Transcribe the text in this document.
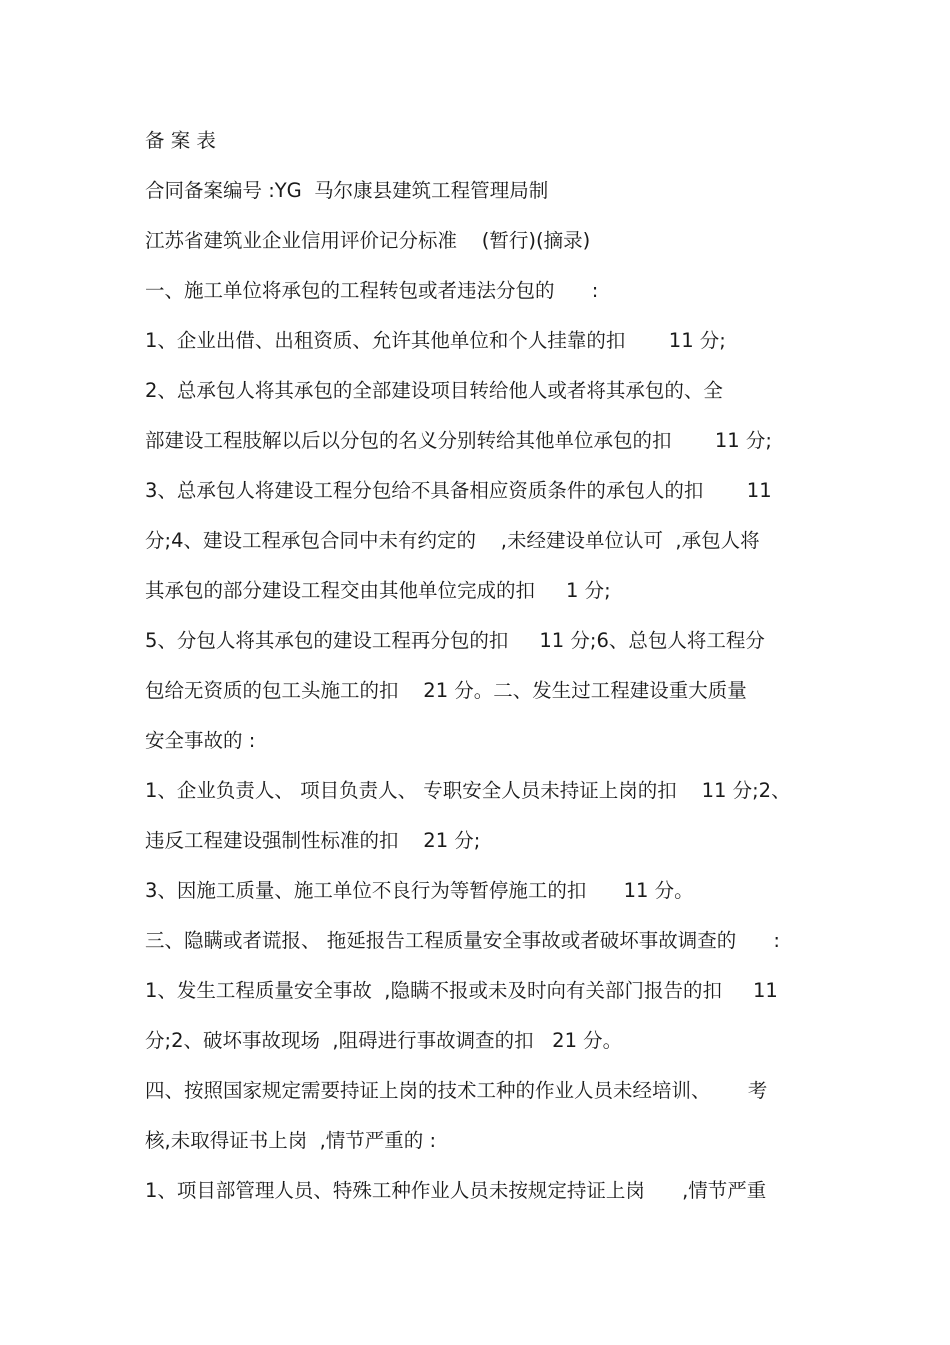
备 案 表
合同备案编号 :YG  马尔康县建筑工程管理局制
江苏省建筑业企业信用评价记分标准    (暂行)(摘录)
一、施工单位将承包的工程转包或者违法分包的      :
1、企业出借、出租资质、允许其他单位和个人挂靠的扣       11 分;
2、总承包人将其承包的全部建设项目转给他人或者将其承包的、全
部建设工程肢解以后以分包的名义分别转给其他单位承包的扣       11 分;
3、总承包人将建设工程分包给不具备相应资质条件的承包人的扣       11
分;4、建设工程承包合同中未有约定的    ,未经建设单位认可  ,承包人将
其承包的部分建设工程交由其他单位完成的扣     1 分;
5、分包人将其承包的建设工程再分包的扣     11 分;6、总包人将工程分
包给无资质的包工头施工的扣    21 分。二、发生过工程建设重大质量
安全事故的 :
1、企业负责人、 项目负责人、 专职安全人员未持证上岗的扣    11 分;2、
违反工程建设强制性标准的扣    21 分;
3、因施工质量、施工单位不良行为等暂停施工的扣      11 分。
三、隐瞒或者谎报、 拖延报告工程质量安全事故或者破坏事故调查的      :
1、发生工程质量安全事故  ,隐瞒不报或未及时向有关部门报告的扣     11
分;2、破坏事故现场  ,阻碍进行事故调查的扣   21 分。
四、按照国家规定需要持证上岗的技术工种的作业人员未经培训、      考
核,未取得证书上岗  ,情节严重的 :
1、项目部管理人员、特殊工种作业人员未按规定持证上岗      ,情节严重
